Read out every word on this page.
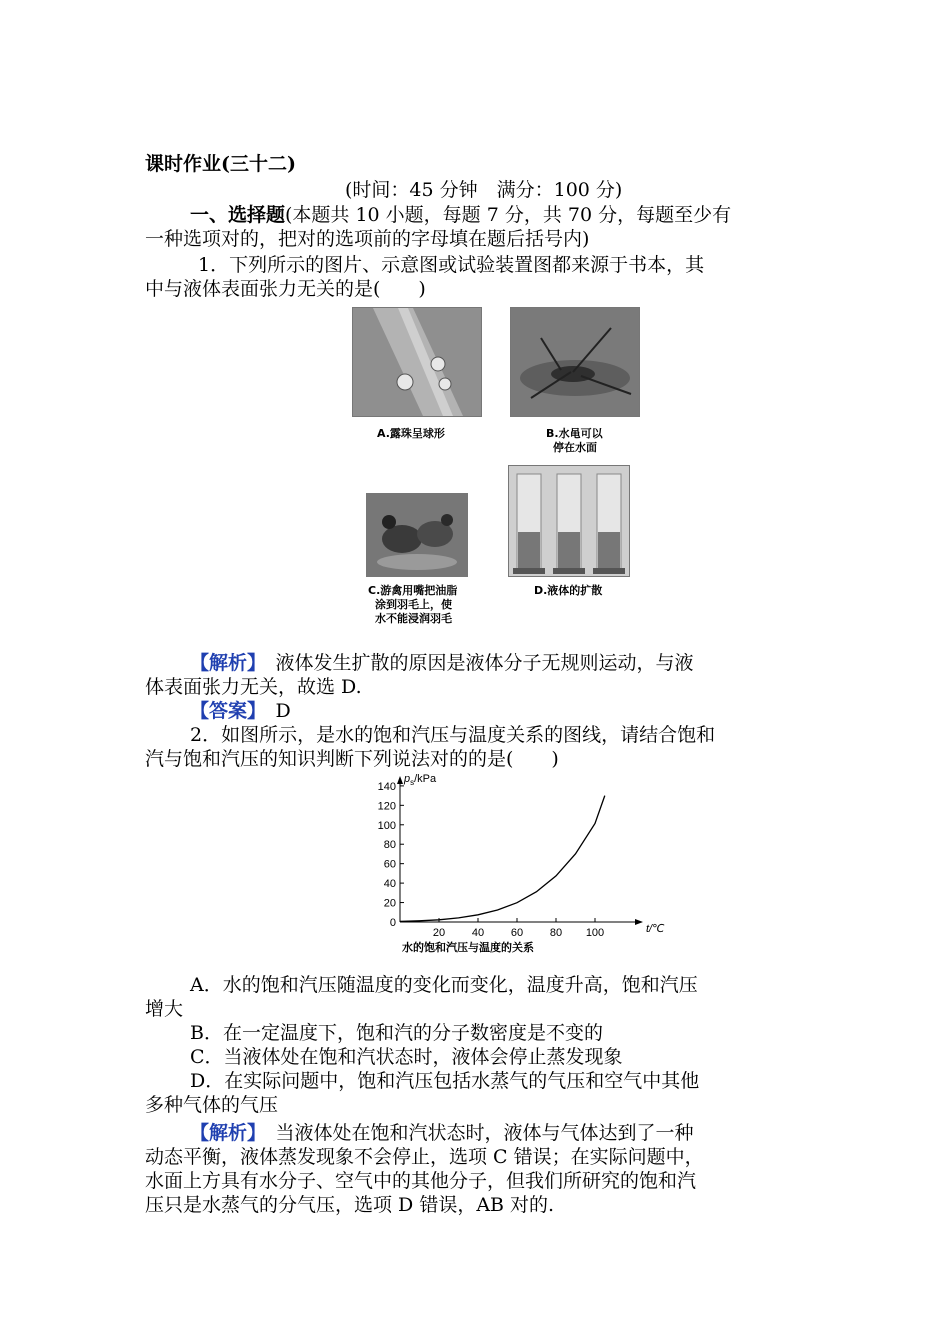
课时作业(三十二)
(时间：45 分钟　满分：100 分)
一、选择题(本题共 10 小题，每题 7 分，共 70 分，每题至少有
一种选项对的，把对的选项前的字母填在题后括号内)
1．下列所示的图片、示意图或试验装置图都来源于书本，其
中与液体表面张力无关的是(　　)
A.露珠呈球形	B.水黾可以
停在水面
C.游禽用嘴把油脂
涂到羽毛上，使
水不能浸润羽毛
D.液体的扩散
【解析】　 液体发生扩散的原因是液体分子无规则运动，与液
体表面张力无关，故选 D.
【答案】　 D
2．如图所示，是水的饱和汽压与温度关系的图线，请结合饱和
汽与饱和汽压的知识判断下列说法对的的是(　　)
0
20
40
60
80
100
120
140
20 40 60 80 100
$p_s$/kPa
t/℃
水的饱和汽压与温度的关系
A．水的饱和汽压随温度的变化而变化，温度升高，饱和汽压
增大
B．在一定温度下，饱和汽的分子数密度是不变的
C．当液体处在饱和汽状态时，液体会停止蒸发现象
D．在实际问题中，饱和汽压包括水蒸气的气压和空气中其他
多种气体的气压
【解析】　 当液体处在饱和汽状态时，液体与气体达到了一种
动态平衡，液体蒸发现象不会停止，选项 C 错误；在实际问题中，
水面上方具有水分子、空气中的其他分子，但我们所研究的饱和汽
压只是水蒸气的分气压，选项 D 错误，AB 对的.
